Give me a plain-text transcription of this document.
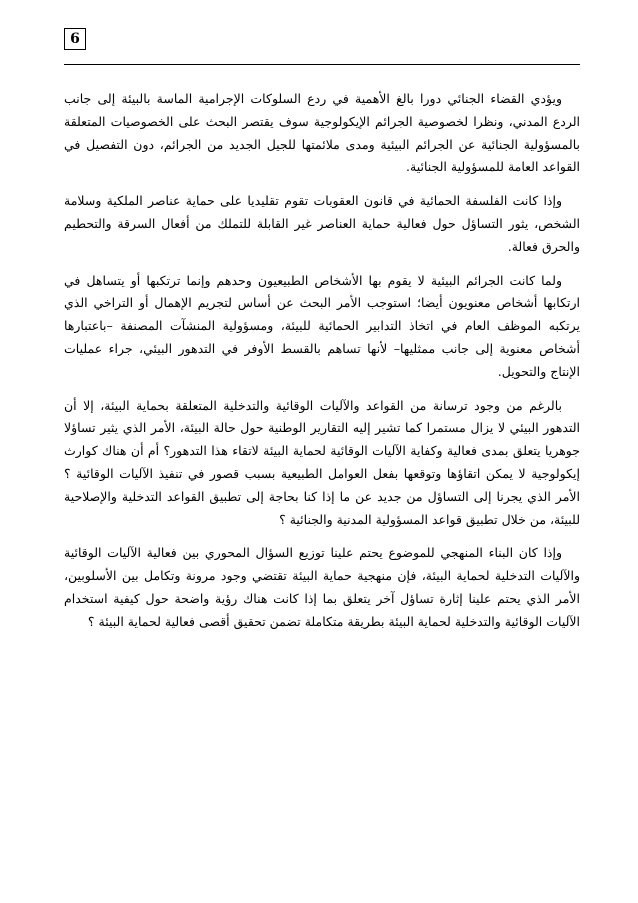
6

ويؤدي القضاء الجنائي دورا بالغ الأهمية في ردع السلوكات الإجرامية الماسة بالبيئة إلى جانب الردع المدني، ونظرا لخصوصية الجرائم الإيكولوجية سوف يقتصر البحث على الخصوصيات المتعلقة بالمسؤولية الجنائية عن الجرائم البيئية ومدى ملائمتها للجيل الجديد من الجرائم، دون التفصيل في القواعد العامة للمسؤولية الجنائية.

وإذا كانت الفلسفة الحمائية في قانون العقوبات تقوم تقليديا على حماية عناصر الملكية وسلامة الشخص، يثور التساؤل حول فعالية حماية العناصر غير القابلة للتملك من أفعال السرقة والتحطيم والحرق فعالة.

ولما كانت الجرائم البيئية لا يقوم بها الأشخاص الطبيعيون وحدهم وإنما ترتكبها أو يتساهل في ارتكابها أشخاص معنويون أيضا؛ استوجب الأمر البحث عن أساس لتجريم الإهمال أو التراخي الذي يرتكبه الموظف العام في اتخاذ التدابير الحمائية للبيئة، ومسؤولية المنشآت المصنفة –باعتبارها أشخاص معنوية إلى جانب ممثليها– لأنها تساهم بالقسط الأوفر في التدهور البيئي، جراء عمليات الإنتاج والتحويل.

بالرغم من وجود ترسانة من القواعد والآليات الوقائية والتدخلية المتعلقة بحماية البيئة، إلا أن التدهور البيئي لا يزال مستمرا كما تشير إليه التقارير الوطنية حول حالة البيئة، الأمر الذي يثير تساؤلا جوهريا يتعلق بمدى فعالية وكفاية الآليات الوقائية لحماية البيئة لاتقاء هذا التدهور؟ أم أن هناك كوارث إيكولوجية لا يمكن اتقاؤها وتوقعها بفعل العوامل الطبيعية بسبب قصور في تنفيذ الآليات الوقائية ؟ الأمر الذي يجرنا إلى التساؤل من جديد عن ما إذا كنا بحاجة إلى تطبيق القواعد التدخلية والإصلاحية للبيئة، من خلال تطبيق قواعد المسؤولية المدنية والجنائية ؟

وإذا كان البناء المنهجي للموضوع يحتم علينا توزيع السؤال المحوري بين فعالية الآليات الوقائية والآليات التدخلية لحماية البيئة، فإن منهجية حماية البيئة تقتضي وجود مرونة وتكامل بين الأسلوبين، الأمر الذي يحتم علينا إثارة تساؤل آخر يتعلق بما إذا كانت هناك رؤية واضحة حول كيفية استخدام الآليات الوقائية والتدخلية لحماية البيئة بطريقة متكاملة تضمن تحقيق أقصى فعالية لحماية البيئة ؟
